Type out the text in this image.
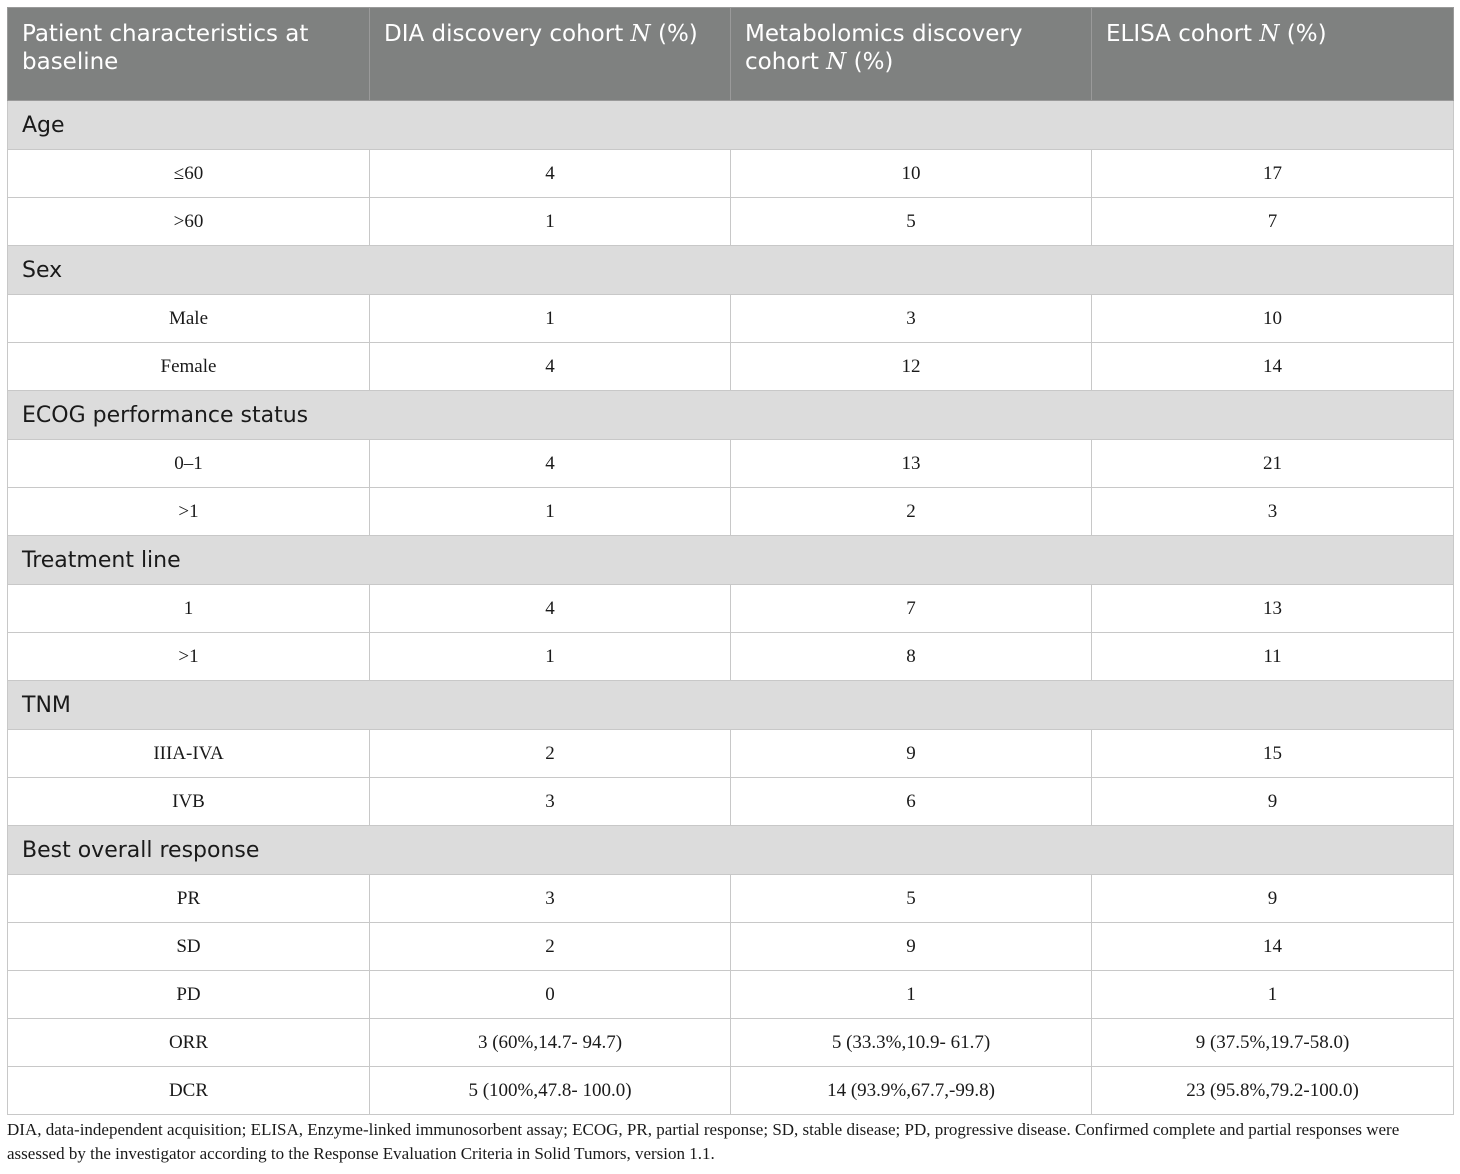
Patient characteristics at baseline	DIA discovery cohort N (%)	Metabolomics discovery cohort N (%)	ELISA cohort N (%)
Age			
≤60	4	10	17
>60	1	5	7
Sex			
Male	1	3	10
Female	4	12	14
ECOG performance status			
0–1	4	13	21
>1	1	2	3
Treatment line			
1	4	7	13
>1	1	8	11
TNM			
IIIA-IVA	2	9	15
IVB	3	6	9
Best overall response			
PR	3	5	9
SD	2	9	14
PD	0	1	1
ORR	3 (60%,14.7- 94.7)	5 (33.3%,10.9- 61.7)	9 (37.5%,19.7-58.0)
DCR	5 (100%,47.8- 100.0)	14 (93.9%,67.7,-99.8)	23 (95.8%,79.2-100.0)
DIA, data-independent acquisition; ELISA, Enzyme-linked immunosorbent assay; ECOG, PR, partial response; SD, stable disease; PD, progressive disease. Confirmed complete and partial responses were assessed by the investigator according to the Response Evaluation Criteria in Solid Tumors, version 1.1.
